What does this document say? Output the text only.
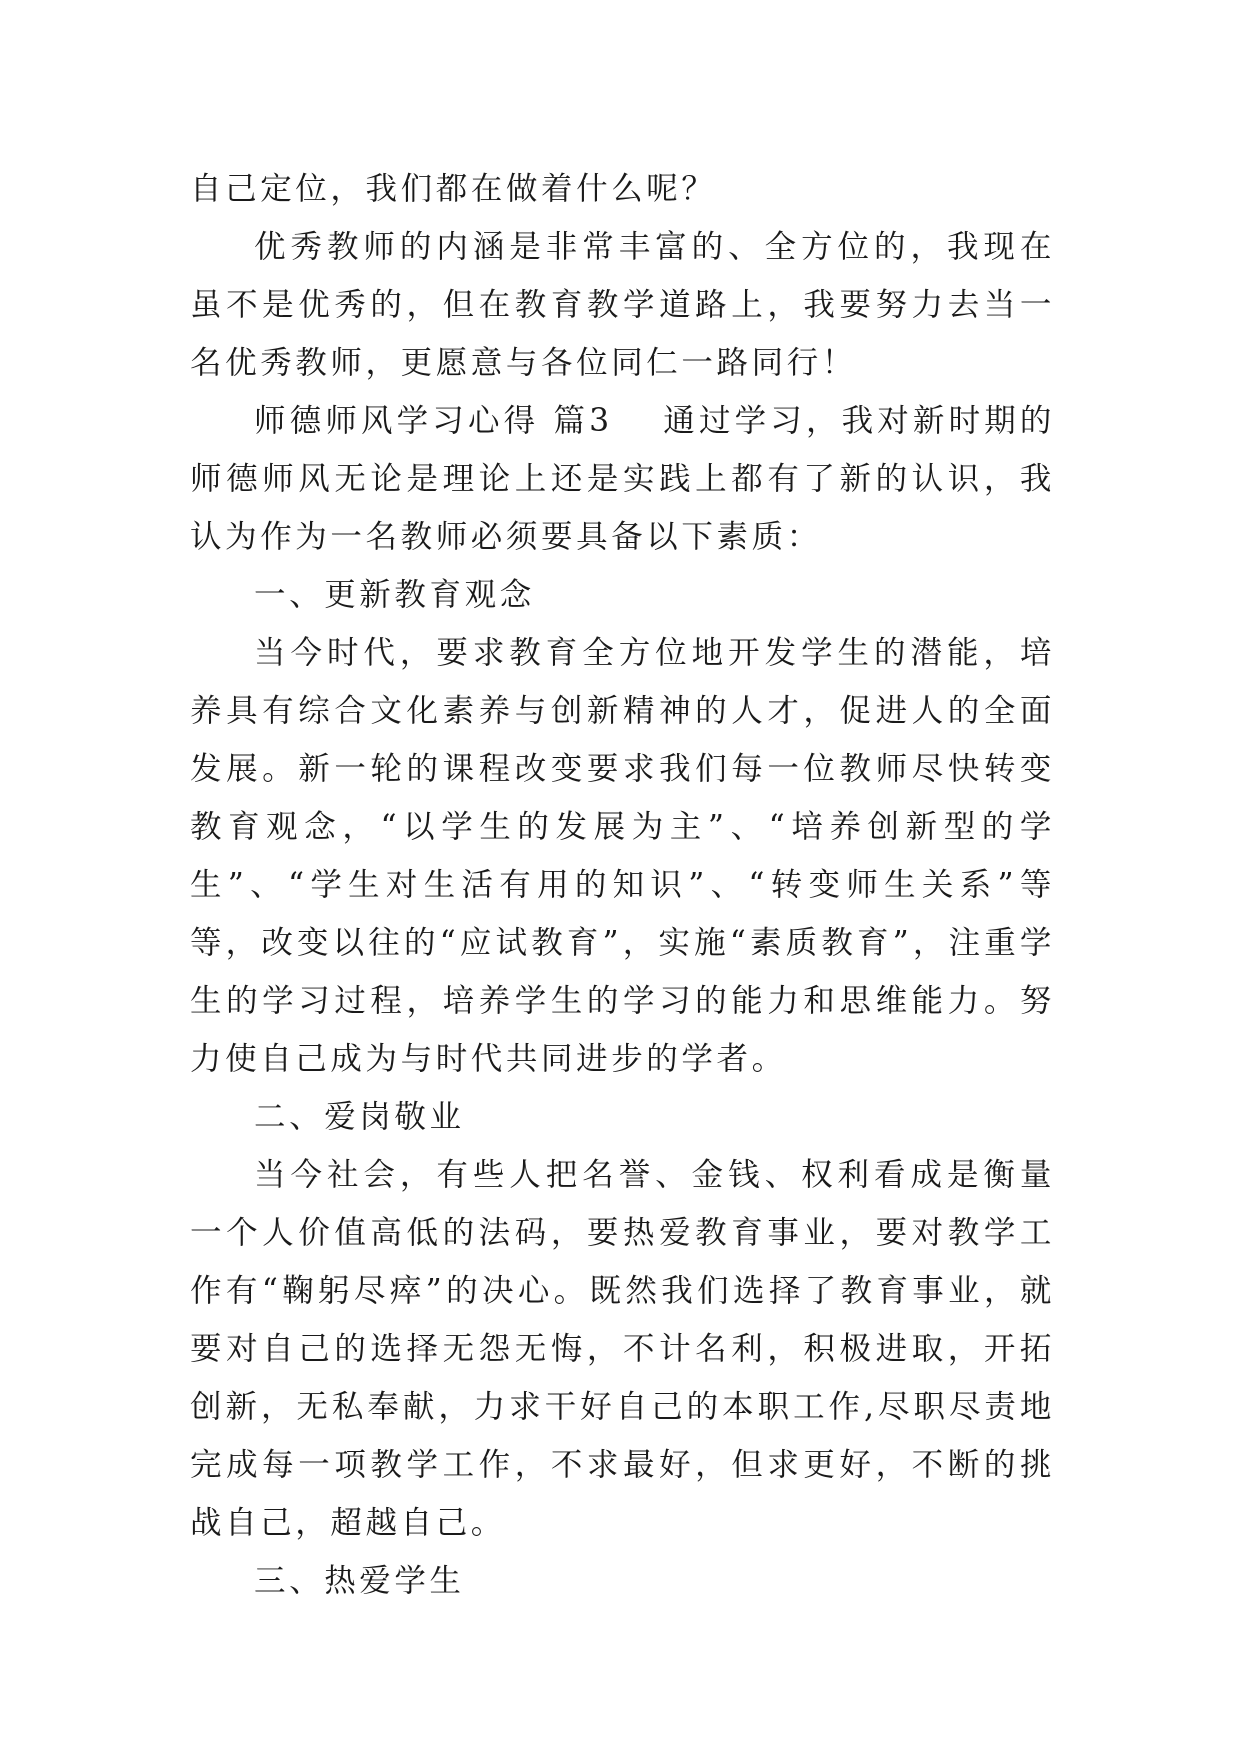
自己定位，我们都在做着什么呢？

优秀教师的内涵是非常丰富的、全方位的，我现在虽不是优秀的，但在教育教学道路上，我要努力去当一名优秀教师，更愿意与各位同仁一路同行！

师德师风学习心得 篇3 通过学习，我对新时期的师德师风无论是理论上还是实践上都有了新的认识，我认为作为一名教师必须要具备以下素质：

一、更新教育观念

当今时代，要求教育全方位地开发学生的潜能，培养具有综合文化素养与创新精神的人才，促进人的全面发展。新一轮的课程改变要求我们每一位教师尽快转变教育观念，“以学生的发展为主”、“培养创新型的学生”、“学生对生活有用的知识”、“转变师生关系”等等，改变以往的“应试教育”，实施“素质教育”，注重学生的学习过程，培养学生的学习的能力和思维能力。努力使自己成为与时代共同进步的学者。

二、爱岗敬业

当今社会，有些人把名誉、金钱、权利看成是衡量一个人价值高低的法码，要热爱教育事业，要对教学工作有“鞠躬尽瘁”的决心。既然我们选择了教育事业，就要对自己的选择无怨无悔，不计名利，积极进取，开拓创新，无私奉献，力求干好自己的本职工作,尽职尽责地完成每一项教学工作，不求最好，但求更好，不断的挑战自己，超越自己。

三、热爱学生
